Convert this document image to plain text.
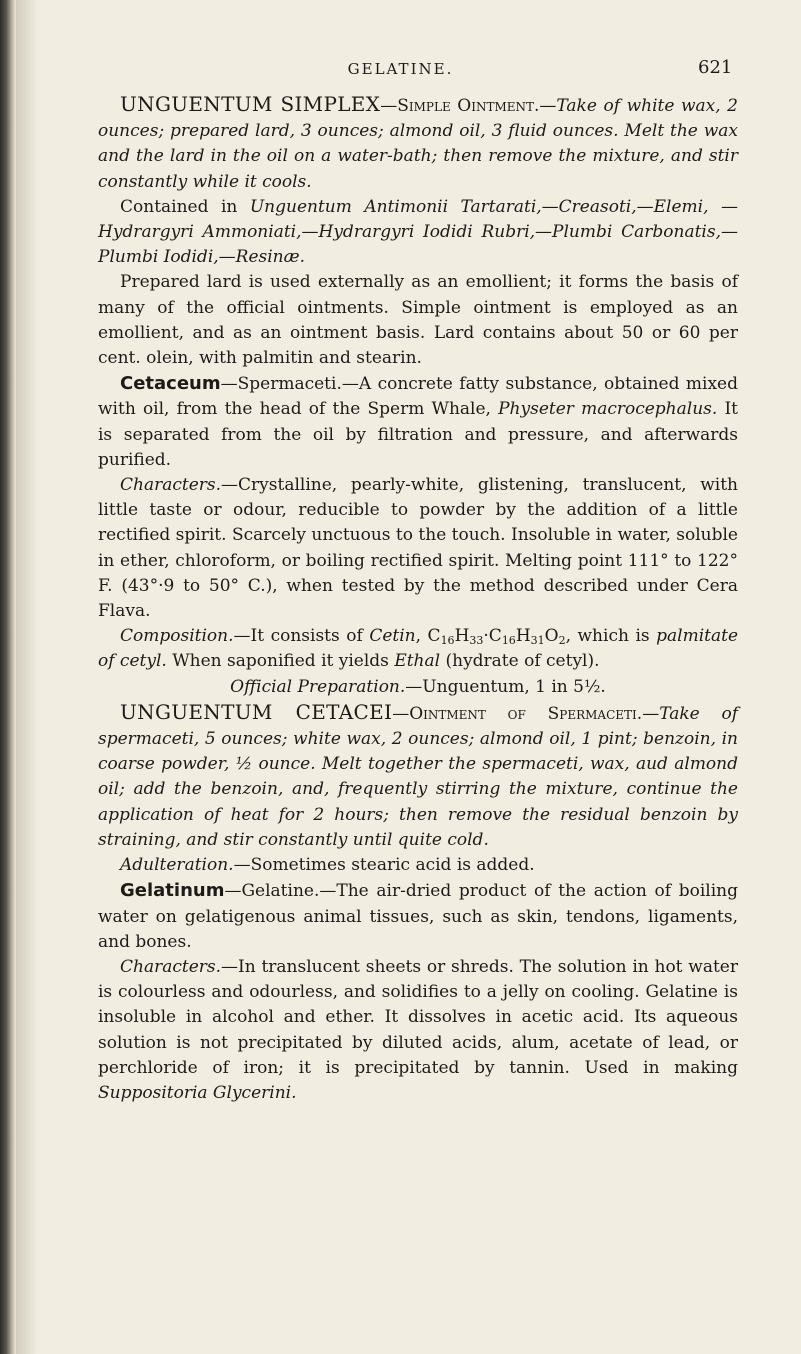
GELATINE.	621

UNGUENTUM SIMPLEX—Simple Ointment.—Take of white wax, 2 ounces; prepared lard, 3 ounces; almond oil, 3 fluid ounces. Melt the wax and the lard in the oil on a water-bath; then remove the mixture, and stir constantly while it cools.

Contained in Unguentum Antimonii Tartarati,—Creasoti,—Elemi, —Hydrargyri Ammoniati,—Hydrargyri Iodidi Rubri,—Plumbi Carbonatis,—Plumbi Iodidi,—Resinæ.

Prepared lard is used externally as an emollient; it forms the basis of many of the official ointments. Simple ointment is employed as an emollient, and as an ointment basis. Lard contains about 50 or 60 per cent. olein, with palmitin and stearin.

Cetaceum—Spermaceti.—A concrete fatty substance, obtained mixed with oil, from the head of the Sperm Whale, Physeter macrocephalus. It is separated from the oil by filtration and pressure, and afterwards purified.

Characters.—Crystalline, pearly-white, glistening, translucent, with little taste or odour, reducible to powder by the addition of a little rectified spirit. Scarcely unctuous to the touch. Insoluble in water, soluble in ether, chloroform, or boiling rectified spirit. Melting point 111° to 122° F. (43°·9 to 50° C.), when tested by the method described under Cera Flava.

Composition.—It consists of Cetin, $C_{16}H_{33}\cdot C_{16}H_{31}O_2$, which is palmitate of cetyl. When saponified it yields Ethal (hydrate of cetyl).

Official Preparation.—Unguentum, 1 in 5½.

UNGUENTUM CETACEI—Ointment of Spermaceti.—Take of spermaceti, 5 ounces; white wax, 2 ounces; almond oil, 1 pint; benzoin, in coarse powder, ½ ounce. Melt together the spermaceti, wax, aud almond oil; add the benzoin, and, frequently stirring the mixture, continue the application of heat for 2 hours; then remove the residual benzoin by straining, and stir constantly until quite cold.

Adulteration.—Sometimes stearic acid is added.

Gelatinum—Gelatine.—The air-dried product of the action of boiling water on gelatigenous animal tissues, such as skin, tendons, ligaments, and bones.

Characters.—In translucent sheets or shreds. The solution in hot water is colourless and odourless, and solidifies to a jelly on cooling. Gelatine is insoluble in alcohol and ether. It dissolves in acetic acid. Its aqueous solution is not precipitated by diluted acids, alum, acetate of lead, or perchloride of iron; it is precipitated by tannin. Used in making Suppositoria Glycerini.
